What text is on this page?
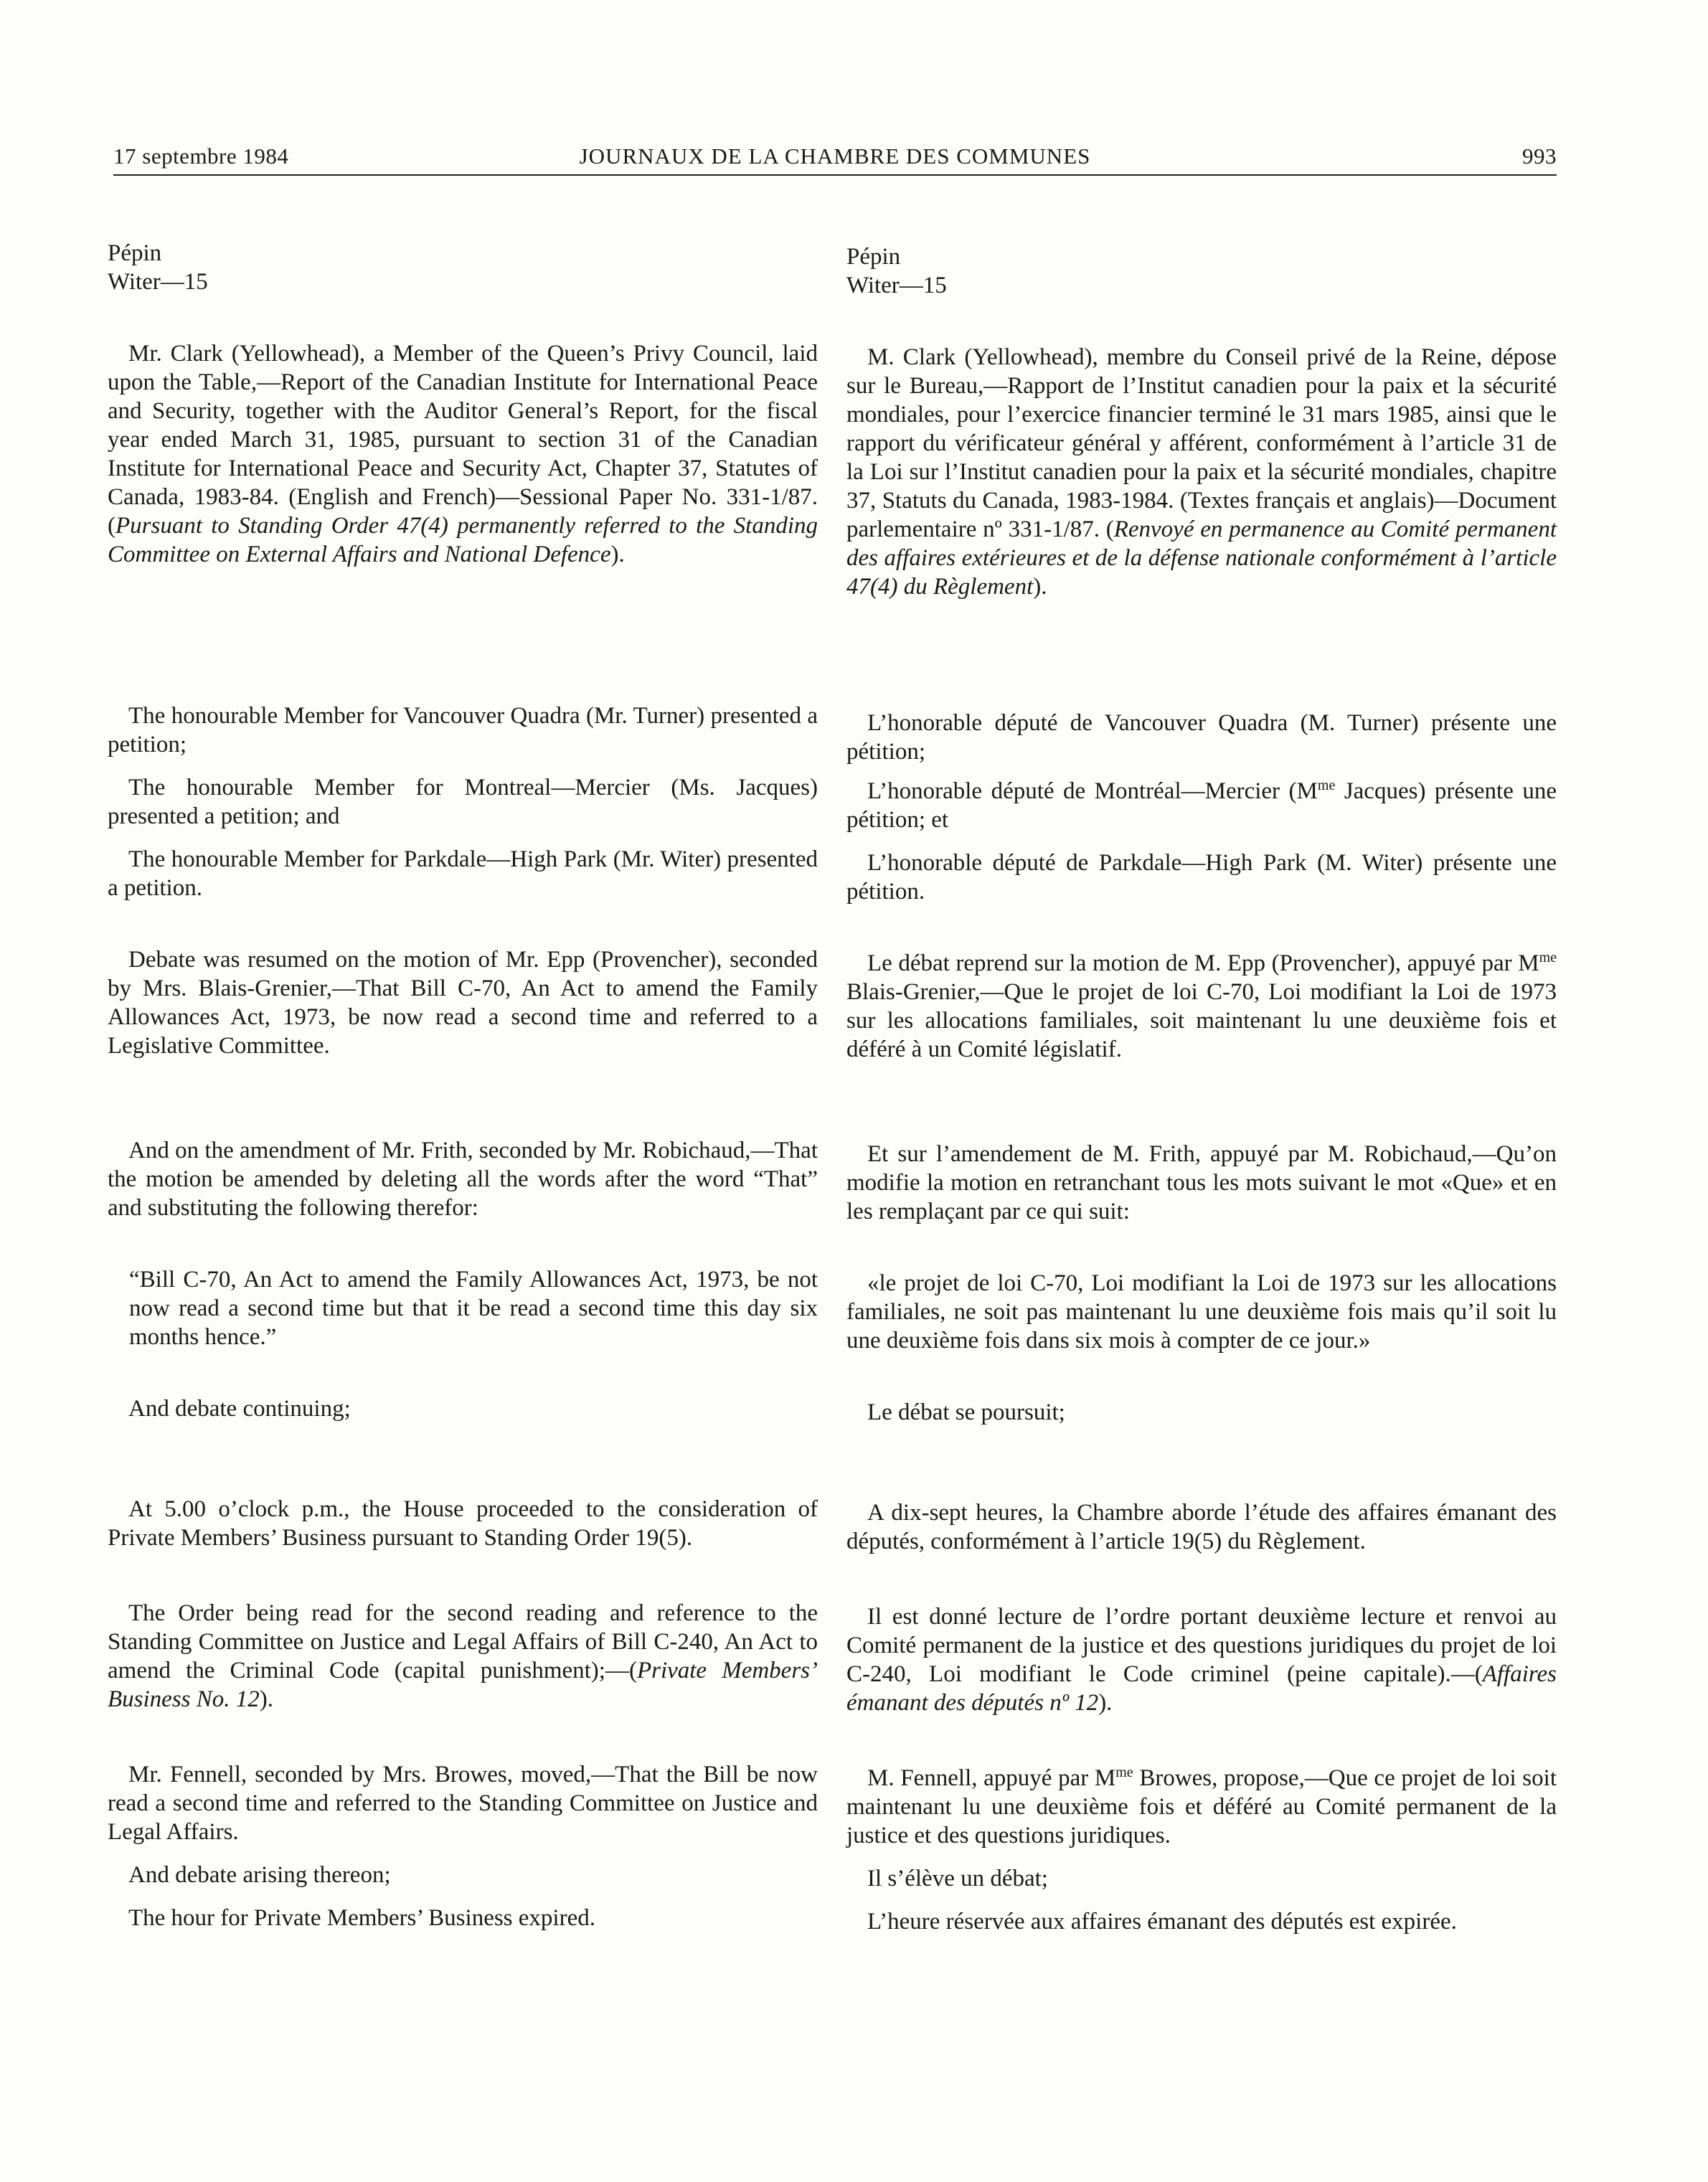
17 septembre 1984	JOURNAUX DE LA CHAMBRE DES COMMUNES	993
Pépin
Witer—15

Mr. Clark (Yellowhead), a Member of the Queen’s Privy Council, laid upon the Table,—Report of the Canadian Institute for International Peace and Security, together with the Auditor General’s Report, for the fiscal year ended March 31, 1985, pursuant to section 31 of the Canadian Institute for International Peace and Security Act, Chapter 37, Statutes of Canada, 1983-84. (English and French)—Sessional Paper No. 331-1/87. (Pursuant to Standing Order 47(4) permanently referred to the Standing Committee on External Affairs and National Defence).

The honourable Member for Vancouver Quadra (Mr. Turner) presented a petition;

The honourable Member for Montreal—Mercier (Ms. Jacques) presented a petition; and

The honourable Member for Parkdale—High Park (Mr. Witer) presented a petition.

Debate was resumed on the motion of Mr. Epp (Provencher), seconded by Mrs. Blais-Grenier,—That Bill C-70, An Act to amend the Family Allowances Act, 1973, be now read a second time and referred to a Legislative Committee.

And on the amendment of Mr. Frith, seconded by Mr. Robichaud,—That the motion be amended by deleting all the words after the word “That” and substituting the following therefor:

“Bill C-70, An Act to amend the Family Allowances Act, 1973, be not now read a second time but that it be read a second time this day six months hence.”

And debate continuing;

At 5.00 o’clock p.m., the House proceeded to the consideration of Private Members’ Business pursuant to Standing Order 19(5).

The Order being read for the second reading and reference to the Standing Committee on Justice and Legal Affairs of Bill C-240, An Act to amend the Criminal Code (capital punishment);—(Private Members’ Business No. 12).

Mr. Fennell, seconded by Mrs. Browes, moved,—That the Bill be now read a second time and referred to the Standing Committee on Justice and Legal Affairs.

And debate arising thereon;

The hour for Private Members’ Business expired.

Pépin
Witer—15

M. Clark (Yellowhead), membre du Conseil privé de la Reine, dépose sur le Bureau,—Rapport de l’Institut canadien pour la paix et la sécurité mondiales, pour l’exercice financier terminé le 31 mars 1985, ainsi que le rapport du vérificateur général y afférent, conformément à l’article 31 de la Loi sur l’Institut canadien pour la paix et la sécurité mondiales, chapitre 37, Statuts du Canada, 1983-1984. (Textes français et anglais)—Document parlementaire nº 331-1/87. (Renvoyé en permanence au Comité permanent des affaires extérieures et de la défense nationale conformément à l’article 47(4) du Règlement).

L’honorable député de Vancouver Quadra (M. Turner) présente une pétition;

L’honorable député de Montréal—Mercier ($M^{me}$ Jacques) présente une pétition; et

L’honorable député de Parkdale—High Park (M. Witer) présente une pétition.

Le débat reprend sur la motion de M. Epp (Provencher), appuyé par $M^{me}$ Blais-Grenier,—Que le projet de loi C-70, Loi modifiant la Loi de 1973 sur les allocations familiales, soit maintenant lu une deuxième fois et déféré à un Comité législatif.

Et sur l’amendement de M. Frith, appuyé par M. Robichaud,—Qu’on modifie la motion en retranchant tous les mots suivant le mot «Que» et en les remplaçant par ce qui suit:

«le projet de loi C-70, Loi modifiant la Loi de 1973 sur les allocations familiales, ne soit pas maintenant lu une deuxième fois mais qu’il soit lu une deuxième fois dans six mois à compter de ce jour.»

Le débat se poursuit;

A dix-sept heures, la Chambre aborde l’étude des affaires émanant des députés, conformément à l’article 19(5) du Règlement.

Il est donné lecture de l’ordre portant deuxième lecture et renvoi au Comité permanent de la justice et des questions juridiques du projet de loi C-240, Loi modifiant le Code criminel (peine capitale).—(Affaires émanant des députés nº 12).

M. Fennell, appuyé par $M^{me}$ Browes, propose,—Que ce projet de loi soit maintenant lu une deuxième fois et déféré au Comité permanent de la justice et des questions juridiques.

Il s’élève un débat;

L’heure réservée aux affaires émanant des députés est expirée.
